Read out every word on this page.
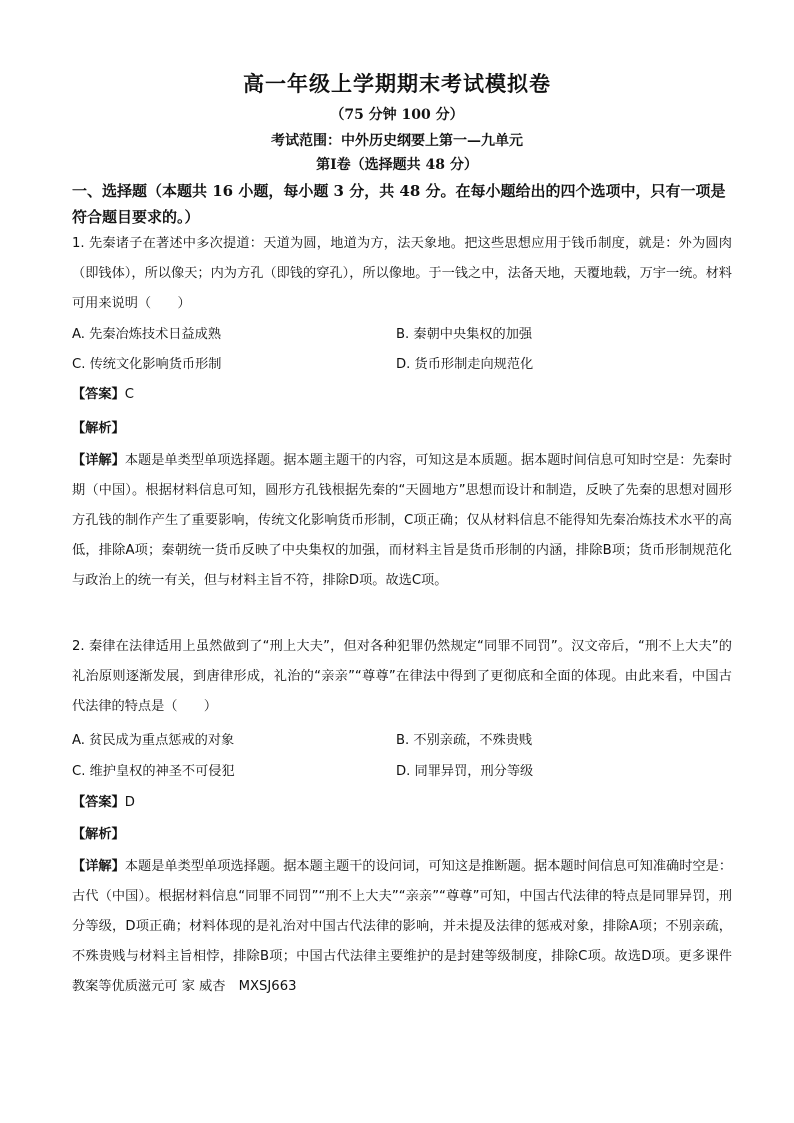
高一年级上学期期末考试模拟卷
（75 分钟 100 分）
考试范围：中外历史纲要上第一—九单元
第Ⅰ卷（选择题共 48 分）
一、选择题（本题共 16 小题，每小题 3 分，共 48 分。在每小题给出的四个选项中，只有一项是符合题目要求的。）
1. 先秦诸子在著述中多次提道：天道为圆，地道为方，法天象地。把这些思想应用于钱币制度，就是：外为圆肉（即钱体），所以像天；内为方孔（即钱的穿孔），所以像地。于一钱之中，法备天地，天覆地载，万宇一统。材料可用来说明（　　）
A. 先秦冶炼技术日益成熟	B. 秦朝中央集权的加强
C. 传统文化影响货币形制	D. 货币形制走向规范化
【答案】C
【解析】
【详解】本题是单类型单项选择题。据本题主题干的内容，可知这是本质题。据本题时间信息可知时空是：先秦时期（中国）。根据材料信息可知，圆形方孔钱根据先秦的“天圆地方”思想而设计和制造，反映了先秦的思想对圆形方孔钱的制作产生了重要影响，传统文化影响货币形制，C项正确；仅从材料信息不能得知先秦冶炼技术水平的高低，排除A项；秦朝统一货币反映了中央集权的加强，而材料主旨是货币形制的内涵，排除B项；货币形制规范化与政治上的统一有关，但与材料主旨不符，排除D项。故选C项。
2. 秦律在法律适用上虽然做到了“刑上大夫”，但对各种犯罪仍然规定“同罪不同罚”。汉文帝后，“刑不上大夫”的礼治原则逐渐发展，到唐律形成，礼治的“亲亲”“尊尊”在律法中得到了更彻底和全面的体现。由此来看，中国古代法律的特点是（　　）
A. 贫民成为重点惩戒的对象	B. 不别亲疏，不殊贵贱
C. 维护皇权的神圣不可侵犯	D. 同罪异罚，刑分等级
【答案】D
【解析】
【详解】本题是单类型单项选择题。据本题主题干的设问词，可知这是推断题。据本题时间信息可知准确时空是：古代（中国）。根据材料信息“同罪不同罚”“刑不上大夫”“亲亲”“尊尊”可知，中国古代法律的特点是同罪异罚，刑分等级，D项正确；材料体现的是礼治对中国古代法律的影响，并未提及法律的惩戒对象，排除A项；不别亲疏，不殊贵贱与材料主旨相悖，排除B项；中国古代法律主要维护的是封建等级制度，排除C项。故选D项。更多课件教案等优质滋元可 家 威杏　MXSJ663
